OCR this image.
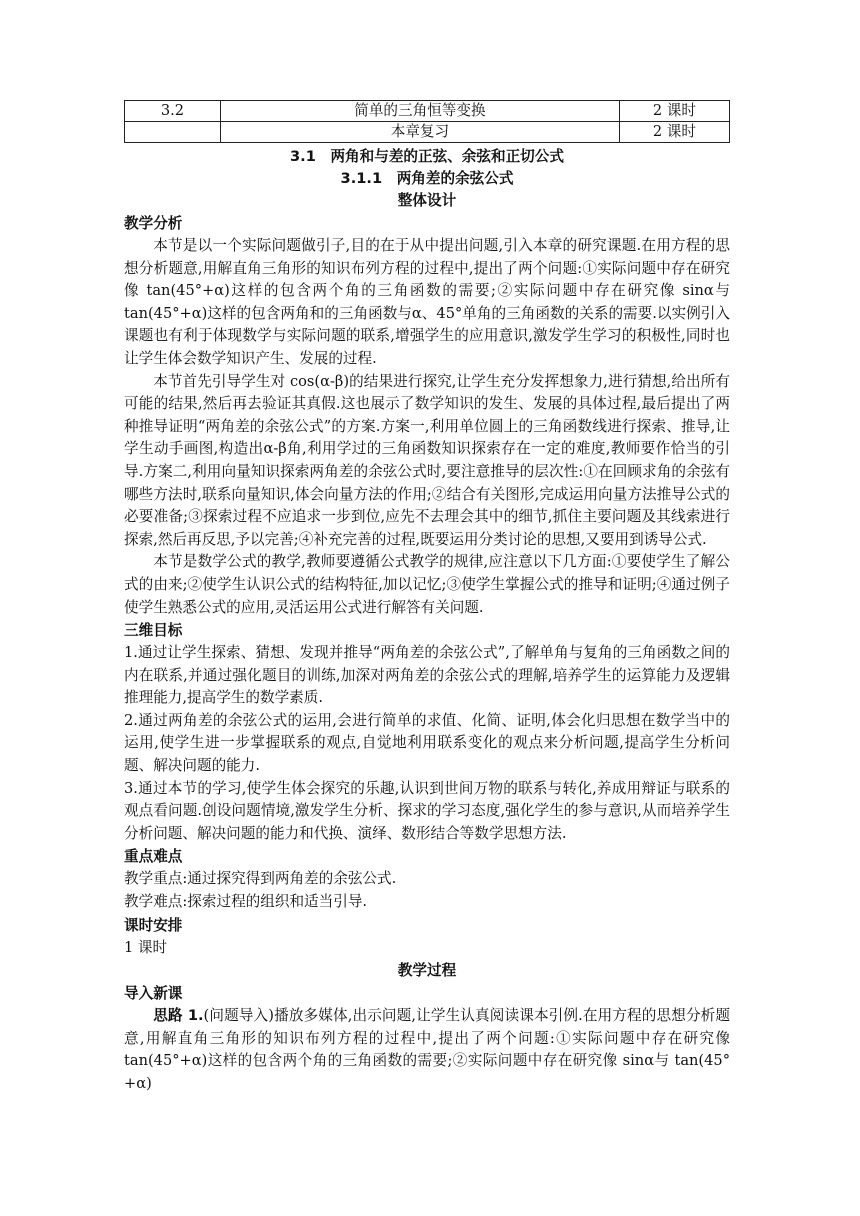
3.2	简单的三角恒等变换	2 课时
	本章复习	2 课时
3.1　两角和与差的正弦、余弦和正切公式
3.1.1　两角差的余弦公式
整体设计
教学分析

本节是以一个实际问题做引子,目的在于从中提出问题,引入本章的研究课题.在用方程的思想分析题意,用解直角三角形的知识布列方程的过程中,提出了两个问题:①实际问题中存在研究像 tan(45°+α)这样的包含两个角的三角函数的需要;②实际问题中存在研究像 sinα与 tan(45°+α)这样的包含两角和的三角函数与α、45°单角的三角函数的关系的需要.以实例引入课题也有利于体现数学与实际问题的联系,增强学生的应用意识,激发学生学习的积极性,同时也让学生体会数学知识产生、发展的过程.

本节首先引导学生对 cos(α-β)的结果进行探究,让学生充分发挥想象力,进行猜想,给出所有可能的结果,然后再去验证其真假.这也展示了数学知识的发生、发展的具体过程,最后提出了两种推导证明“两角差的余弦公式”的方案.方案一,利用单位圆上的三角函数线进行探索、推导,让学生动手画图,构造出α-β角,利用学过的三角函数知识探索存在一定的难度,教师要作恰当的引导.方案二,利用向量知识探索两角差的余弦公式时,要注意推导的层次性:①在回顾求角的余弦有哪些方法时,联系向量知识,体会向量方法的作用;②结合有关图形,完成运用向量方法推导公式的必要准备;③探索过程不应追求一步到位,应先不去理会其中的细节,抓住主要问题及其线索进行探索,然后再反思,予以完善;④补充完善的过程,既要运用分类讨论的思想,又要用到诱导公式.

本节是数学公式的教学,教师要遵循公式教学的规律,应注意以下几方面:①要使学生了解公式的由来;②使学生认识公式的结构特征,加以记忆;③使学生掌握公式的推导和证明;④通过例子使学生熟悉公式的应用,灵活运用公式进行解答有关问题.

三维目标

1.通过让学生探索、猜想、发现并推导“两角差的余弦公式”,了解单角与复角的三角函数之间的内在联系,并通过强化题目的训练,加深对两角差的余弦公式的理解,培养学生的运算能力及逻辑推理能力,提高学生的数学素质.

2.通过两角差的余弦公式的运用,会进行简单的求值、化简、证明,体会化归思想在数学当中的运用,使学生进一步掌握联系的观点,自觉地利用联系变化的观点来分析问题,提高学生分析问题、解决问题的能力.

3.通过本节的学习,使学生体会探究的乐趣,认识到世间万物的联系与转化,养成用辩证与联系的观点看问题.创设问题情境,激发学生分析、探求的学习态度,强化学生的参与意识,从而培养学生分析问题、解决问题的能力和代换、演绎、数形结合等数学思想方法.

重点难点

教学重点:通过探究得到两角差的余弦公式.

教学难点:探索过程的组织和适当引导.

课时安排

1 课时

教学过程
导入新课

思路 1.(问题导入)播放多媒体,出示问题,让学生认真阅读课本引例.在用方程的思想分析题意,用解直角三角形的知识布列方程的过程中,提出了两个问题:①实际问题中存在研究像 tan(45°+α)这样的包含两个角的三角函数的需要;②实际问题中存在研究像 sinα与 tan(45°+α)
